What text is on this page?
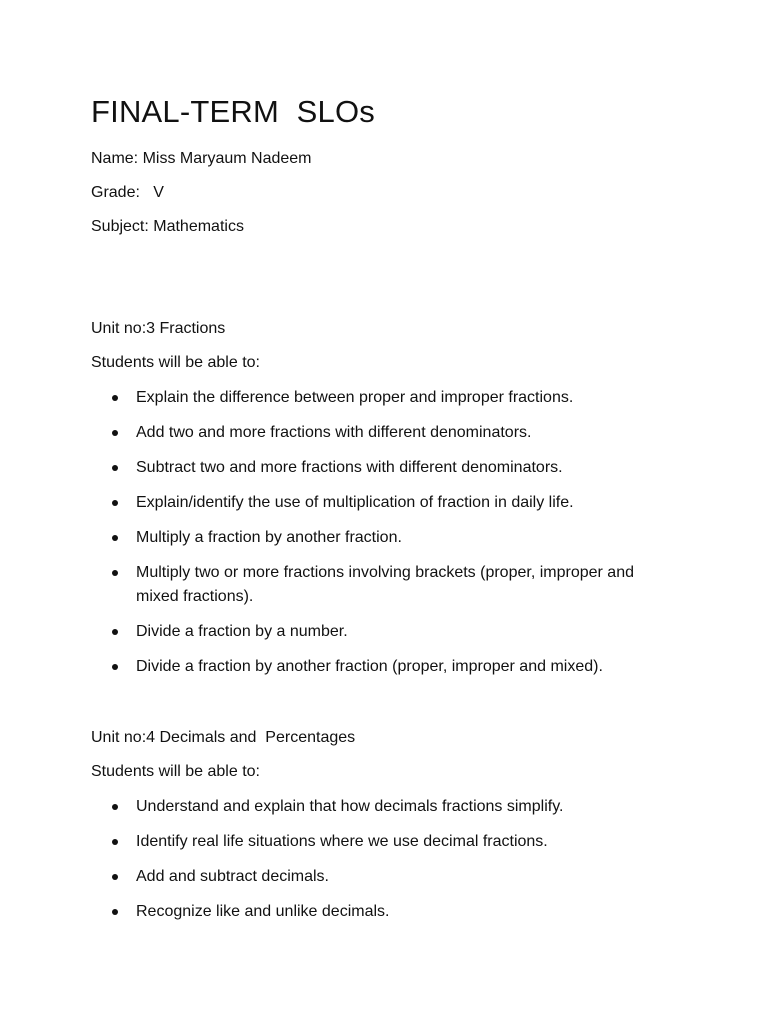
FINAL-TERM  SLOs

Name: Miss Maryaum Nadeem

Grade:   V

Subject: Mathematics

Unit no:3 Fractions

Students will be able to:

Explain the difference between proper and improper fractions.
Add two and more fractions with different denominators.
Subtract two and more fractions with different denominators.
Explain/identify the use of multiplication of fraction in daily life.
Multiply a fraction by another fraction.
Multiply two or more fractions involving brackets (proper, improper and mixed fractions).
Divide a fraction by a number.
Divide a fraction by another fraction (proper, improper and mixed).

Unit no:4 Decimals and  Percentages

Students will be able to:

Understand and explain that how decimals fractions simplify.
Identify real life situations where we use decimal fractions.
Add and subtract decimals.
Recognize like and unlike decimals.
